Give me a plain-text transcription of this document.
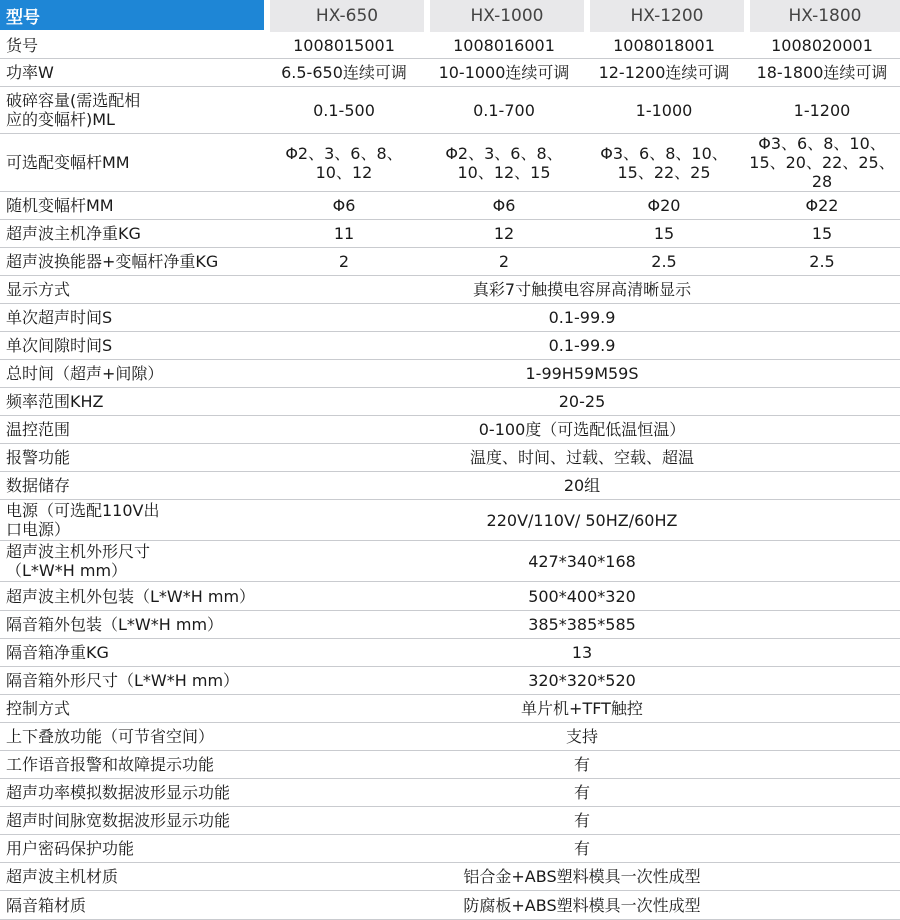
型号	HX-650	HX-1000	HX-1200	HX-1800
货号	1008015001	1008016001	1008018001	1008020001
功率W	6.5-650连续可调	10-1000连续可调	12-1200连续可调	18-1800连续可调
破碎容量(需选配相应的变幅杆)ML	0.1-500	0.1-700	1-1000	1-1200
可选配变幅杆MM	Φ2、3、6、8、10、12	Φ2、3、6、8、10、12、15	Φ3、6、8、10、15、22、25	Φ3、6、8、10、15、20、22、25、28
随机变幅杆MM	Φ6	Φ6	Φ20	Φ22
超声波主机净重KG	11	12	15	15
超声波换能器+变幅杆净重KG	2	2	2.5	2.5
显示方式	真彩7寸触摸电容屏高清晰显示			
单次超声时间S	0.1-99.9			
单次间隙时间S	0.1-99.9			
总时间（超声+间隙）	1-99H59M59S			
频率范围KHZ	20-25			
温控范围	0-100度（可选配低温恒温）			
报警功能	温度、时间、过载、空载、超温			
数据储存	20组			
电源（可选配110V出口电源）	220V/110V/ 50HZ/60HZ			
超声波主机外形尺寸（L*W*H mm）	427*340*168			
超声波主机外包装（L*W*H mm）	500*400*320			
隔音箱外包装（L*W*H mm）	385*385*585			
隔音箱净重KG	13			
隔音箱外形尺寸（L*W*H mm）	320*320*520			
控制方式	单片机+TFT触控			
上下叠放功能（可节省空间）	支持			
工作语音报警和故障提示功能	有			
超声功率模拟数据波形显示功能	有			
超声时间脉宽数据波形显示功能	有			
用户密码保护功能	有			
超声波主机材质	铝合金+ABS塑料模具一次性成型			
隔音箱材质	防腐板+ABS塑料模具一次性成型			
